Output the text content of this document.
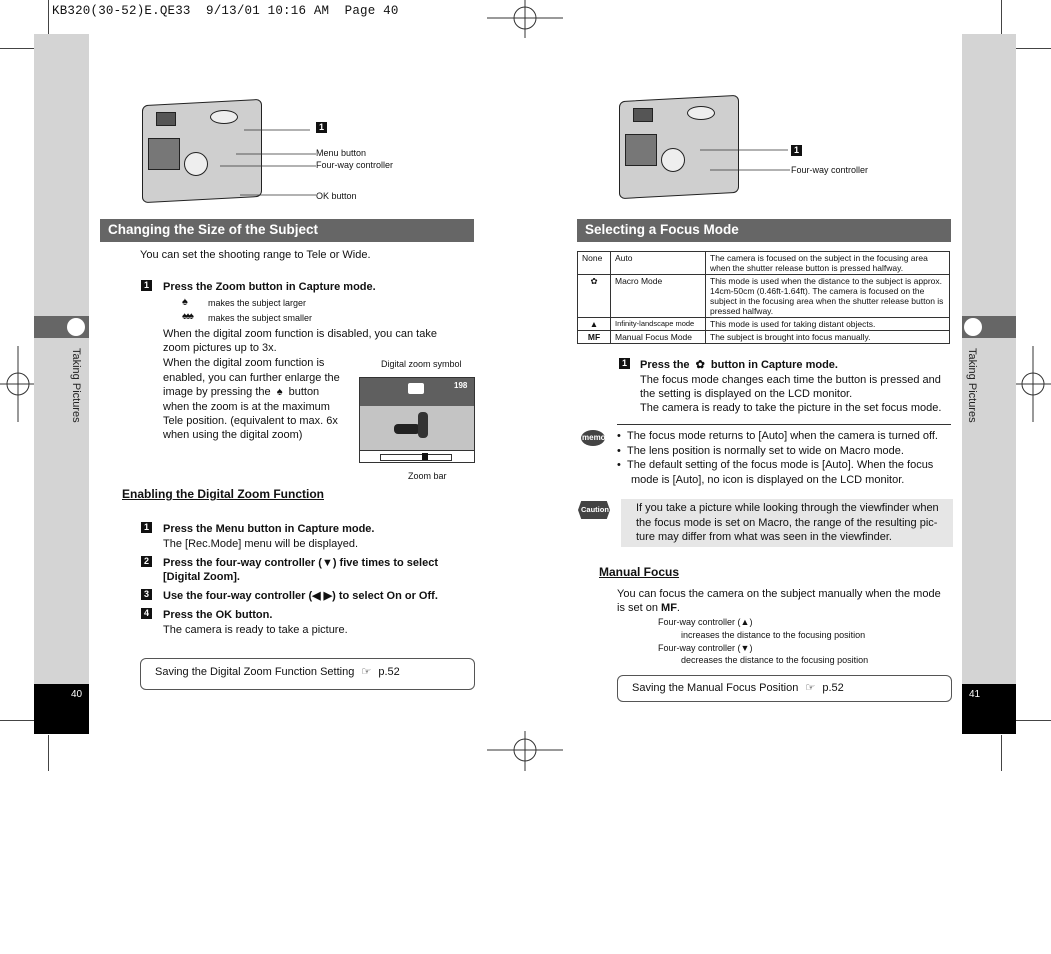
KB320(30-52)E.QE33  9/13/01 10:16 AM  Page 40
Taking Pictures
40
Taking Pictures
41
1
Menu button
Four-way controller
OK button
Changing the Size of the Subject
You can set the shooting range to Tele or Wide.
1 Press the Zoom button in Capture mode.
♠ makes the subject larger
♠♠♠ makes the subject smaller
When the digital zoom function is disabled, you can take
zoom pictures up to 3x.
When the digital zoom function is
enabled, you can further enlarge the
image by pressing the ♠ button
when the zoom is at the maximum
Tele position. (equivalent to max. 6x
when using the digital zoom)
Digital zoom symbol
198
Zoom bar
Enabling the Digital Zoom Function
1 Press the Menu button in Capture mode.
The [Rec.Mode] menu will be displayed.
2 Press the four-way controller (▼) five times to select
[Digital Zoom].
3 Use the four-way controller (◀ ▶) to select On or Off.
4 Press the OK button.
The camera is ready to take a picture.
Saving the Digital Zoom Function Setting ☞ p.52
1
Four-way controller
Selecting a Focus Mode
None	Auto	The camera is focused on the subject in the focusing area when the shutter release button is pressed halfway.
✿	Macro Mode	This mode is used when the distance to the subject is approx. 14cm-50cm (0.46ft-1.64ft). The camera is focused on the subject in the focusing area when the shutter release button is pressed halfway.
▲	Infinity-landscape mode	This mode is used for taking distant objects.
MF	Manual Focus Mode	The subject is brought into focus manually.
1 Press the ✿ button in Capture mode.
The focus mode changes each time the button is pressed and
the setting is displayed on the LCD monitor.
The camera is ready to take the picture in the set focus mode.
memo •  The focus mode returns to [Auto] when the camera is turned off.
•  The lens position is normally set to wide on Macro mode.
•  The default setting of the focus mode is [Auto]. When the focus
mode is [Auto], no icon is displayed on the LCD monitor.
Caution If you take a picture while looking through the viewfinder when
the focus mode is set on Macro, the range of the resulting pic-
ture may differ from what was seen in the viewfinder.
Manual Focus
You can focus the camera on the subject manually when the mode
is set on MF.
Four-way controller (▲)
increases the distance to the focusing position
Four-way controller (▼)
decreases the distance to the focusing position
Saving the Manual Focus Position ☞ p.52
